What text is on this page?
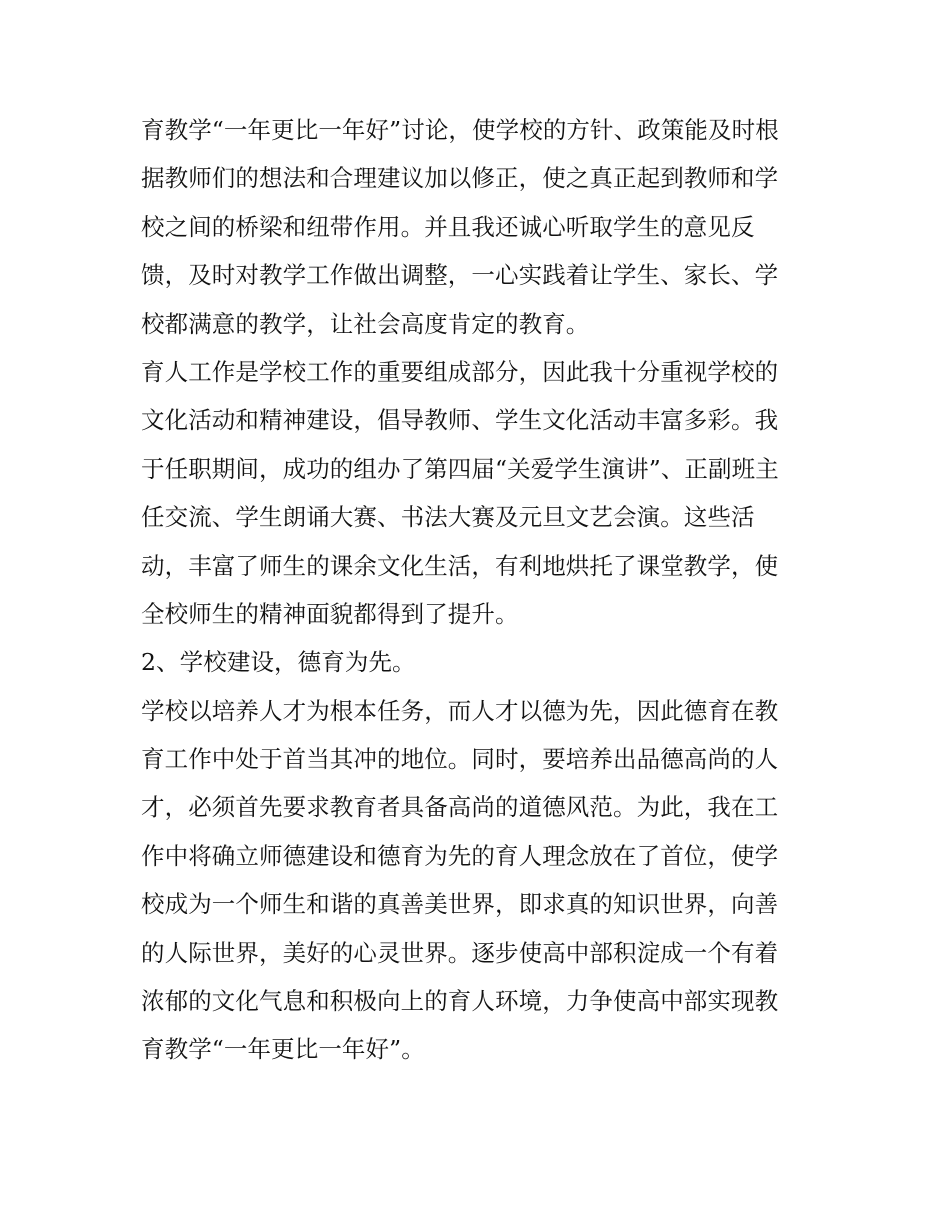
育教学“一年更比一年好”讨论，使学校的方针、政策能及时根
据教师们的想法和合理建议加以修正，使之真正起到教师和学
校之间的桥梁和纽带作用。并且我还诚心听取学生的意见反
馈，及时对教学工作做出调整，一心实践着让学生、家长、学
校都满意的教学，让社会高度肯定的教育。
育人工作是学校工作的重要组成部分，因此我十分重视学校的
文化活动和精神建设，倡导教师、学生文化活动丰富多彩。我
于任职期间，成功的组办了第四届“关爱学生演讲”、正副班主
任交流、学生朗诵大赛、书法大赛及元旦文艺会演。这些活
动，丰富了师生的课余文化生活，有利地烘托了课堂教学，使
全校师生的精神面貌都得到了提升。
2、学校建设，德育为先。
学校以培养人才为根本任务，而人才以德为先，因此德育在教
育工作中处于首当其冲的地位。同时，要培养出品德高尚的人
才，必须首先要求教育者具备高尚的道德风范。为此，我在工
作中将确立师德建设和德育为先的育人理念放在了首位，使学
校成为一个师生和谐的真善美世界，即求真的知识世界，向善
的人际世界，美好的心灵世界。逐步使高中部积淀成一个有着
浓郁的文化气息和积极向上的育人环境，力争使高中部实现教
育教学“一年更比一年好”。
